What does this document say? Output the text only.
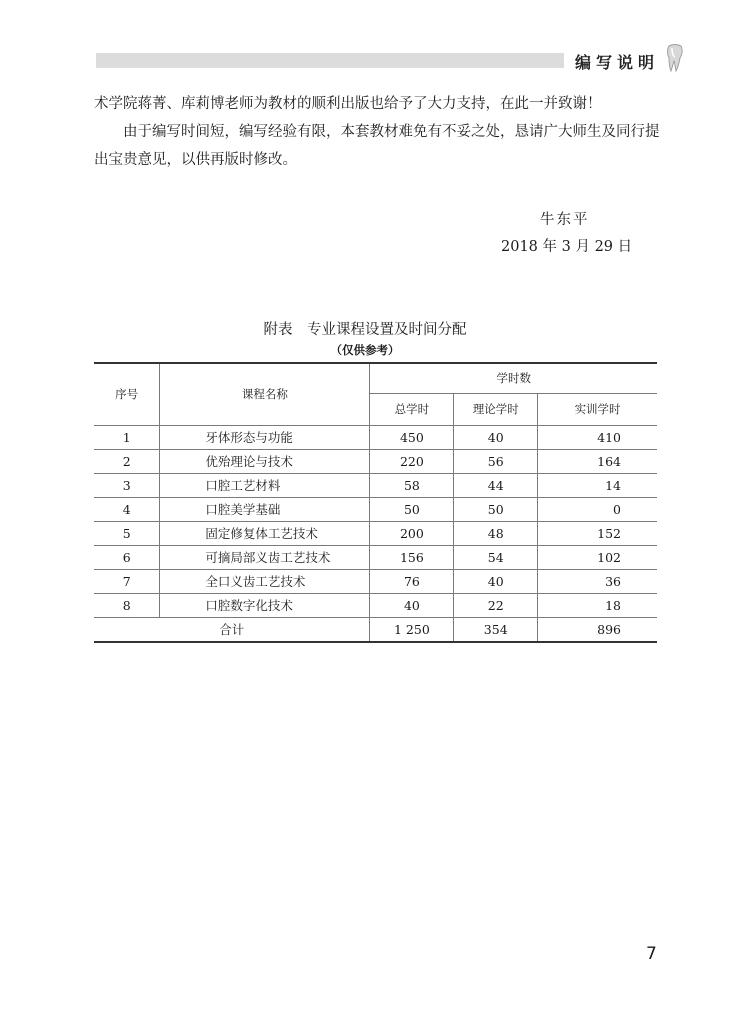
编写说明

术学院蒋菁、库莉博老师为教材的顺利出版也给予了大力支持，在此一并致谢！

由于编写时间短，编写经验有限，本套教材难免有不妥之处，恳请广大师生及同行提出宝贵意见，以供再版时修改。

牛东平
2018 年 3 月 29 日
附表　专业课程设置及时间分配
（仅供参考）
序号	课程名称	学时数		
		总学时	理论学时	实训学时
1	牙体形态与功能	450	40	410
2	优殆理论与技术	220	56	164
3	口腔工艺材料	58	44	14
4	口腔美学基础	50	50	0
5	固定修复体工艺技术	200	48	152
6	可摘局部义齿工艺技术	156	54	102
7	全口义齿工艺技术	76	40	36
8	口腔数字化技术	40	22	18
合计		1 250	354	896
7
